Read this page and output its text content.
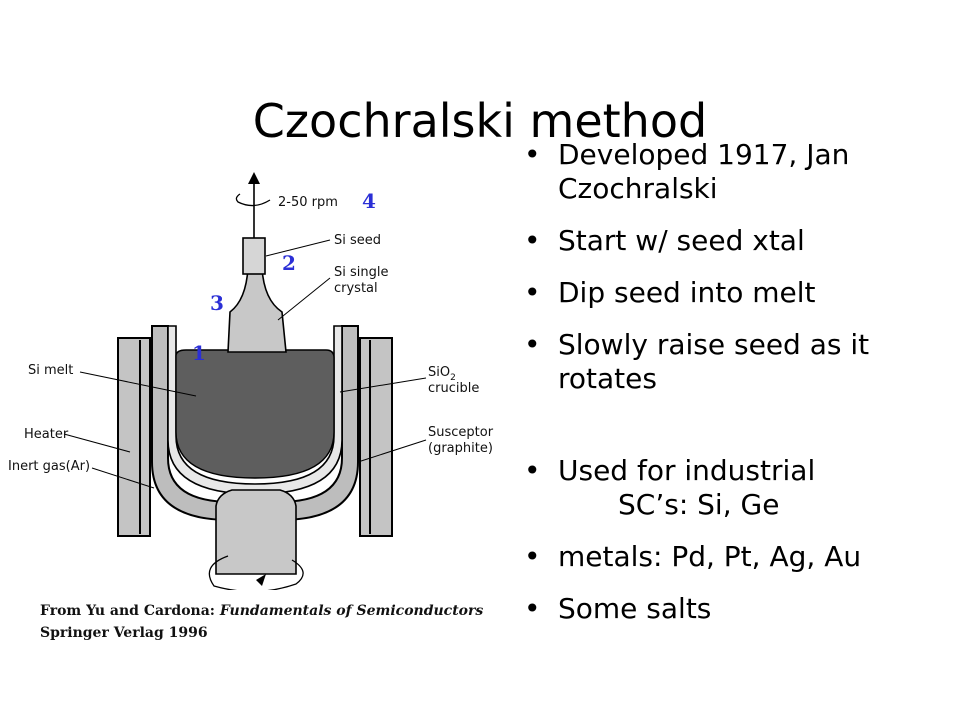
Czochralski method
• Developed 1917, Jan Czochralski
• Start w/ seed xtal
• Dip seed into melt
• Slowly raise seed as it rotates
• Used for industrial
SC’s: Si, Ge
• metals: Pd, Pt, Ag, Au
• Some salts
2-50 rpm
Si seed
Si single
crystal
Si melt	SiO$_2$
crucible
Susceptor
(graphite)
Heater
Inert gas(Ar)
1
2
3
4
From Yu and Cardona: Fundamentals of Semiconductors
Springer Verlag 1996
